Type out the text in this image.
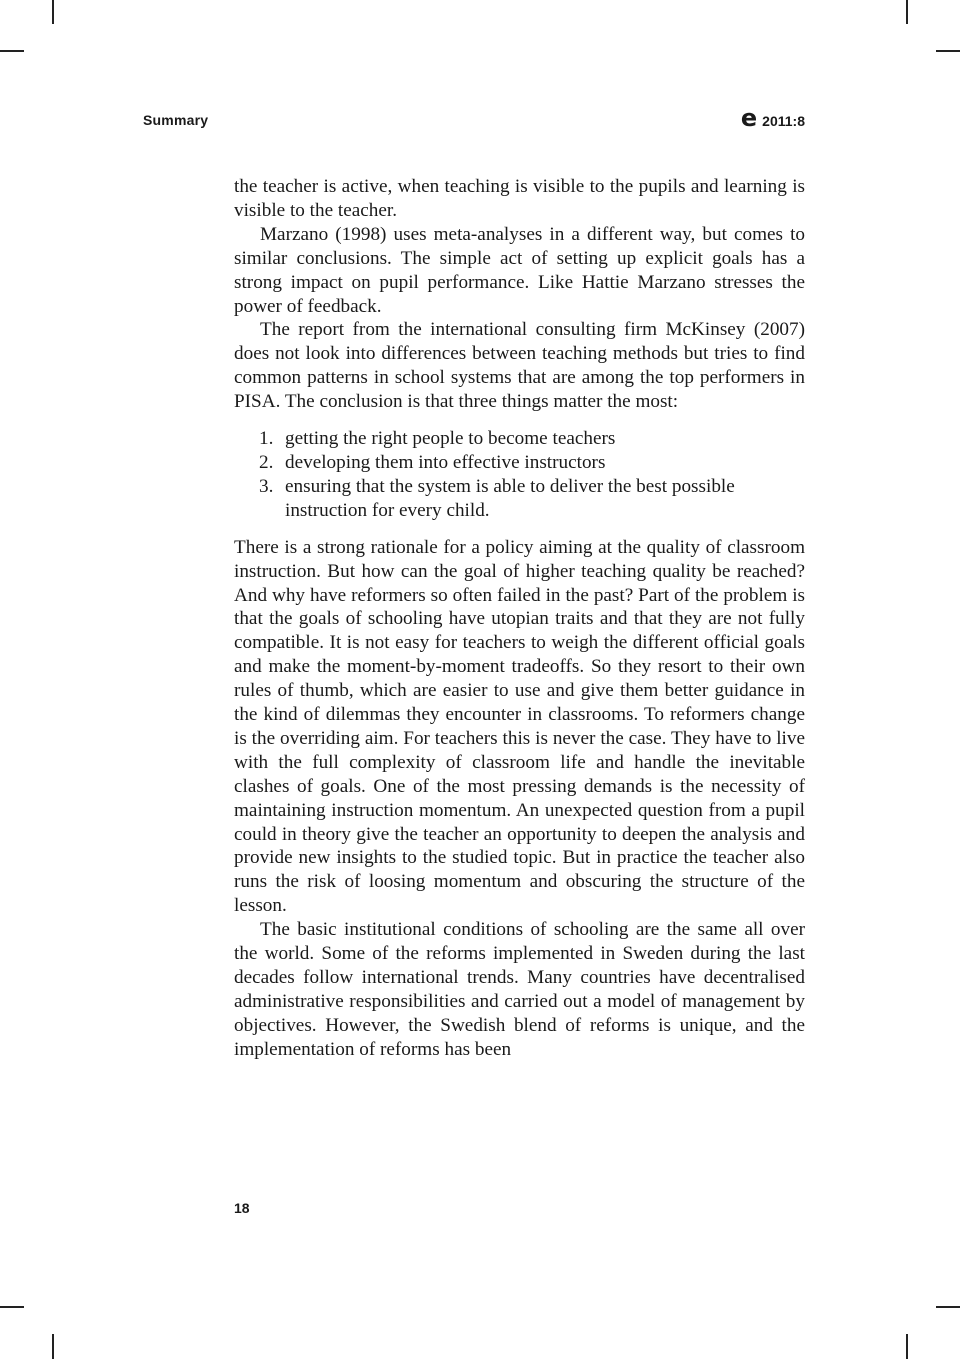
Summary	e 2011:8

the teacher is active, when teaching is visible to the pupils and learning is visible to the teacher.

Marzano (1998) uses meta-analyses in a different way, but comes to similar conclusions. The simple act of setting up explicit goals has a strong impact on pupil performance. Like Hattie Marzano stresses the power of feedback.

The report from the international consulting firm McKinsey (2007) does not look into differences between teaching methods but tries to find common patterns in school systems that are among the top performers in PISA. The conclusion is that three things matter the most:

1. getting the right people to become teachers
2. developing them into effective instructors
3. ensuring that the system is able to deliver the best possible instruction for every child.

There is a strong rationale for a policy aiming at the quality of classroom instruction. But how can the goal of higher teaching quality be reached? And why have reformers so often failed in the past? Part of the problem is that the goals of schooling have utopian traits and that they are not fully compatible. It is not easy for teachers to weigh the different official goals and make the moment-by-moment tradeoffs. So they resort to their own rules of thumb, which are easier to use and give them better guidance in the kind of dilemmas they encounter in classrooms. To reformers change is the overriding aim. For teachers this is never the case. They have to live with the full complexity of classroom life and handle the inevitable clashes of goals. One of the most pressing demands is the necessity of maintaining instruction momentum. An unexpected question from a pupil could in theory give the teacher an opportunity to deepen the analysis and provide new insights to the studied topic. But in practice the teacher also runs the risk of loosing momentum and obscuring the structure of the lesson.

The basic institutional conditions of schooling are the same all over the world. Some of the reforms implemented in Sweden during the last decades follow international trends. Many countries have decentralised administrative responsibilities and carried out a model of management by objectives. However, the Swedish blend of reforms is unique, and the implementation of reforms has been

18
